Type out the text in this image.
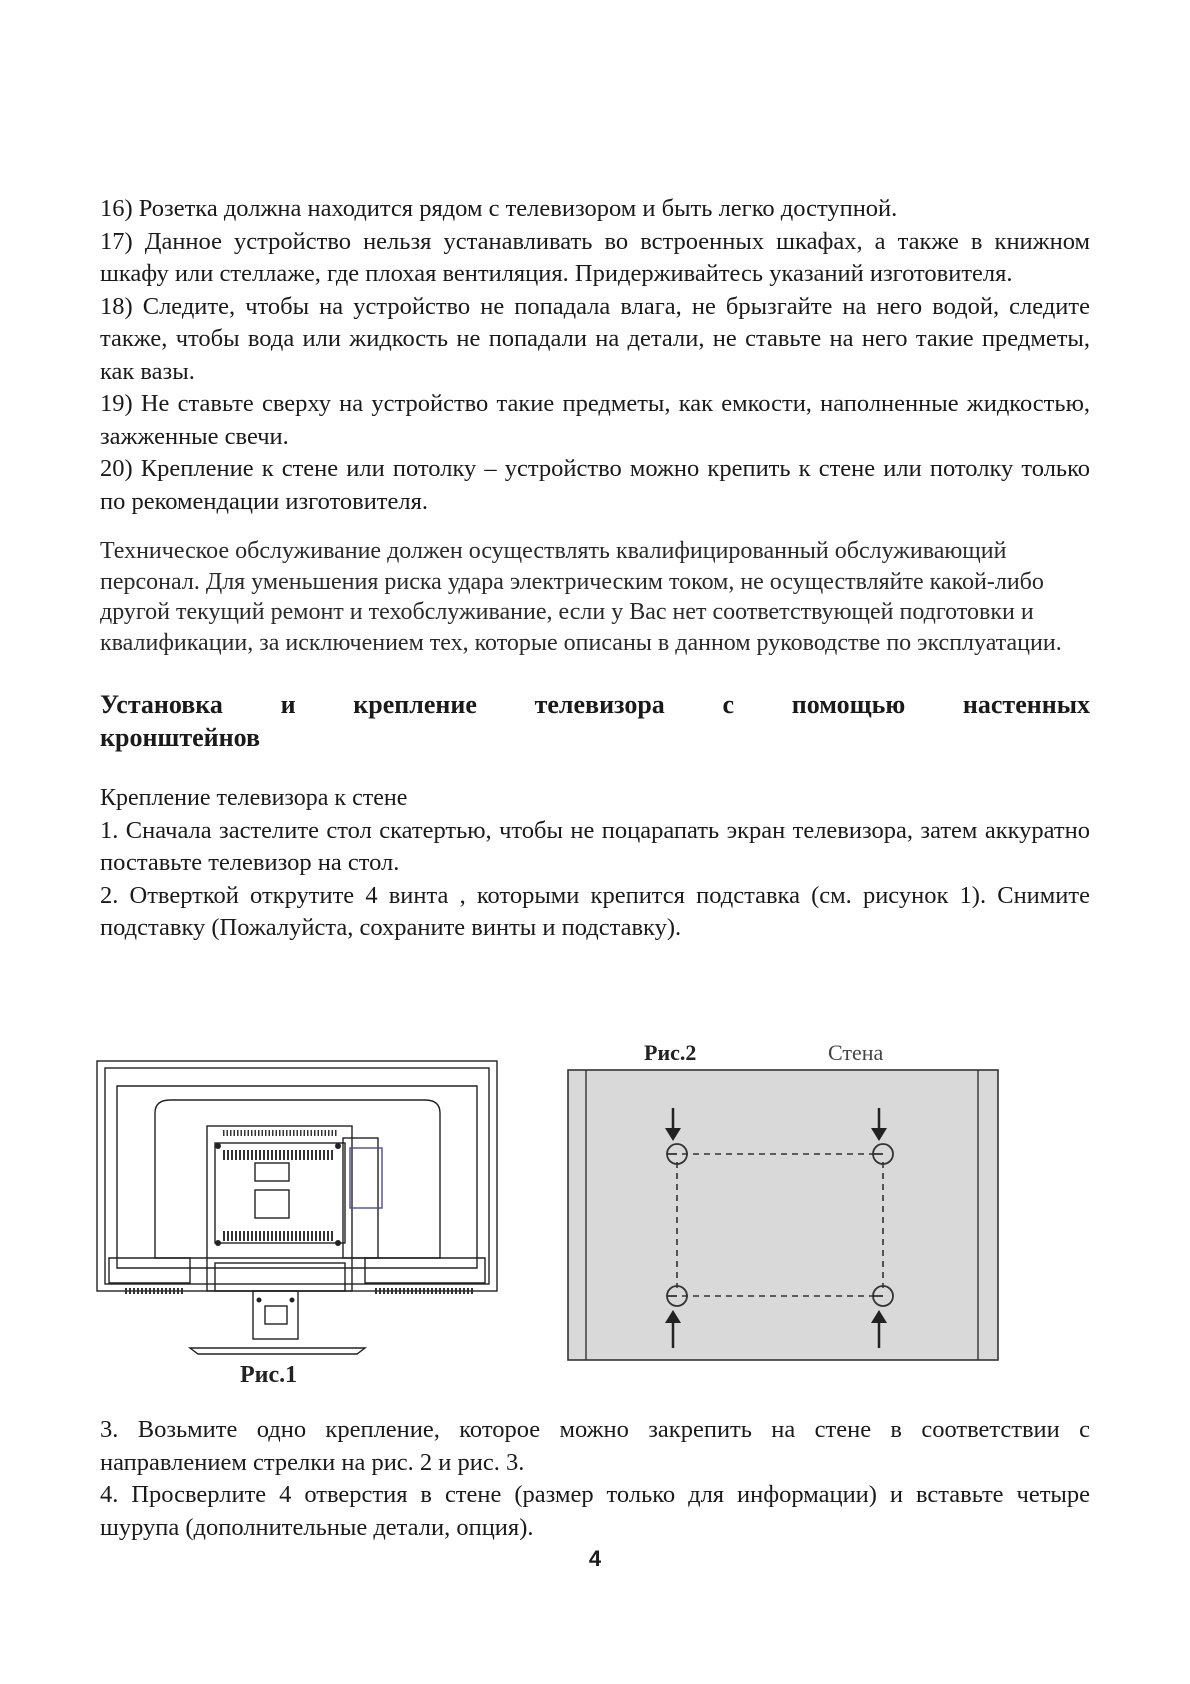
16) Розетка должна находится рядом с телевизором и быть легко доступной.

17) Данное устройство нельзя устанавливать во встроенных шкафах, а также в книжном шкафу или стеллаже, где плохая вентиляция. Придерживайтесь указаний изготовителя.

18) Следите, чтобы на устройство не попадала влага, не брызгайте на него водой, следите также, чтобы вода или жидкость не попадали на детали, не ставьте на него такие предметы, как вазы.

19) Не ставьте сверху на устройство такие предметы, как емкости, наполненные жидкостью, зажженные свечи.

20) Крепление к стене или потолку – устройство можно крепить к стене или потолку только по рекомендации изготовителя.

Техническое обслуживание должен осуществлять квалифицированный обслуживающий персонал. Для уменьшения риска удара электрическим током, не осуществляйте какой-либо другой текущий ремонт и техобслуживание, если у Вас нет соответствующей подготовки и квалификации, за исключением тех, которые описаны в данном руководстве по эксплуатации.

Установка и крепление телевизора с помощью настенных
кронштейнов

Крепление телевизора к стене

1. Сначала застелите стол скатертью, чтобы не поцарапать экран телевизора, затем аккуратно поставьте телевизор на стол.

2. Отверткой открутите 4 винта , которыми крепится подставка (см. рисунок 1). Снимите подставку (Пожалуйста, сохраните винты и подставку).

Рис.1
Рис.2	Стена

3. Возьмите одно крепление, которое можно закрепить на стене в соответствии с направлением стрелки на рис. 2 и рис. 3.

4. Просверлите 4 отверстия в стене (размер только для информации) и вставьте четыре шурупа (дополнительные детали, опция).

4
